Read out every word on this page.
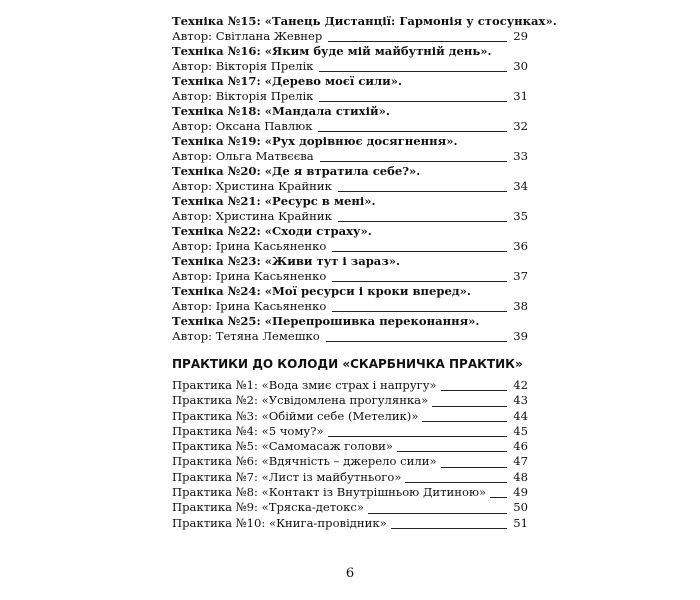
Техніка №15: «Танець Дистанції: Гармонія у стосунках».
Автор: Світлана Жевнер	29
Техніка №16: «Яким буде мій майбутній день».
Автор: Вікторія Прелік	30
Техніка №17: «Дерево моєї сили».
Автор: Вікторія Прелік	31
Техніка №18: «Мандала стихій».
Автор: Оксана Павлюк	32
Техніка №19: «Рух дорівнює досягнення».
Автор: Ольга Матвєєва	33
Техніка №20: «Де я втратила себе?».
Автор: Христина Крайник	34
Техніка №21: «Ресурс в мені».
Автор: Христина Крайник	35
Техніка №22: «Сходи страху».
Автор: Ірина Касьяненко	36
Техніка №23: «Живи тут і зараз».
Автор: Ірина Касьяненко	37
Техніка №24: «Мої ресурси і кроки вперед».
Автор: Ірина Касьяненко	38
Техніка №25: «Перепрошивка переконання».
Автор: Тетяна Лемешко	39
ПРАКТИКИ ДО КОЛОДИ «СКАРБНИЧКА ПРАКТИК»
Практика №1: «Вода змиє страх і напругу»	42
Практика №2: «Усвідомлена прогулянка»	43
Практика №3: «Обійми себе (Метелик)»	44
Практика №4: «5 чому?»	45
Практика №5: «Самомасаж голови»	46
Практика №6: «Вдячність – джерело сили»	47
Практика №7: «Лист із майбутнього»	48
Практика №8: «Контакт із Внутрішньою Дитиною» 49
Практика №9: «Тряска-детокс»	50
Практика №10: «Книга-провідник»	51
6
